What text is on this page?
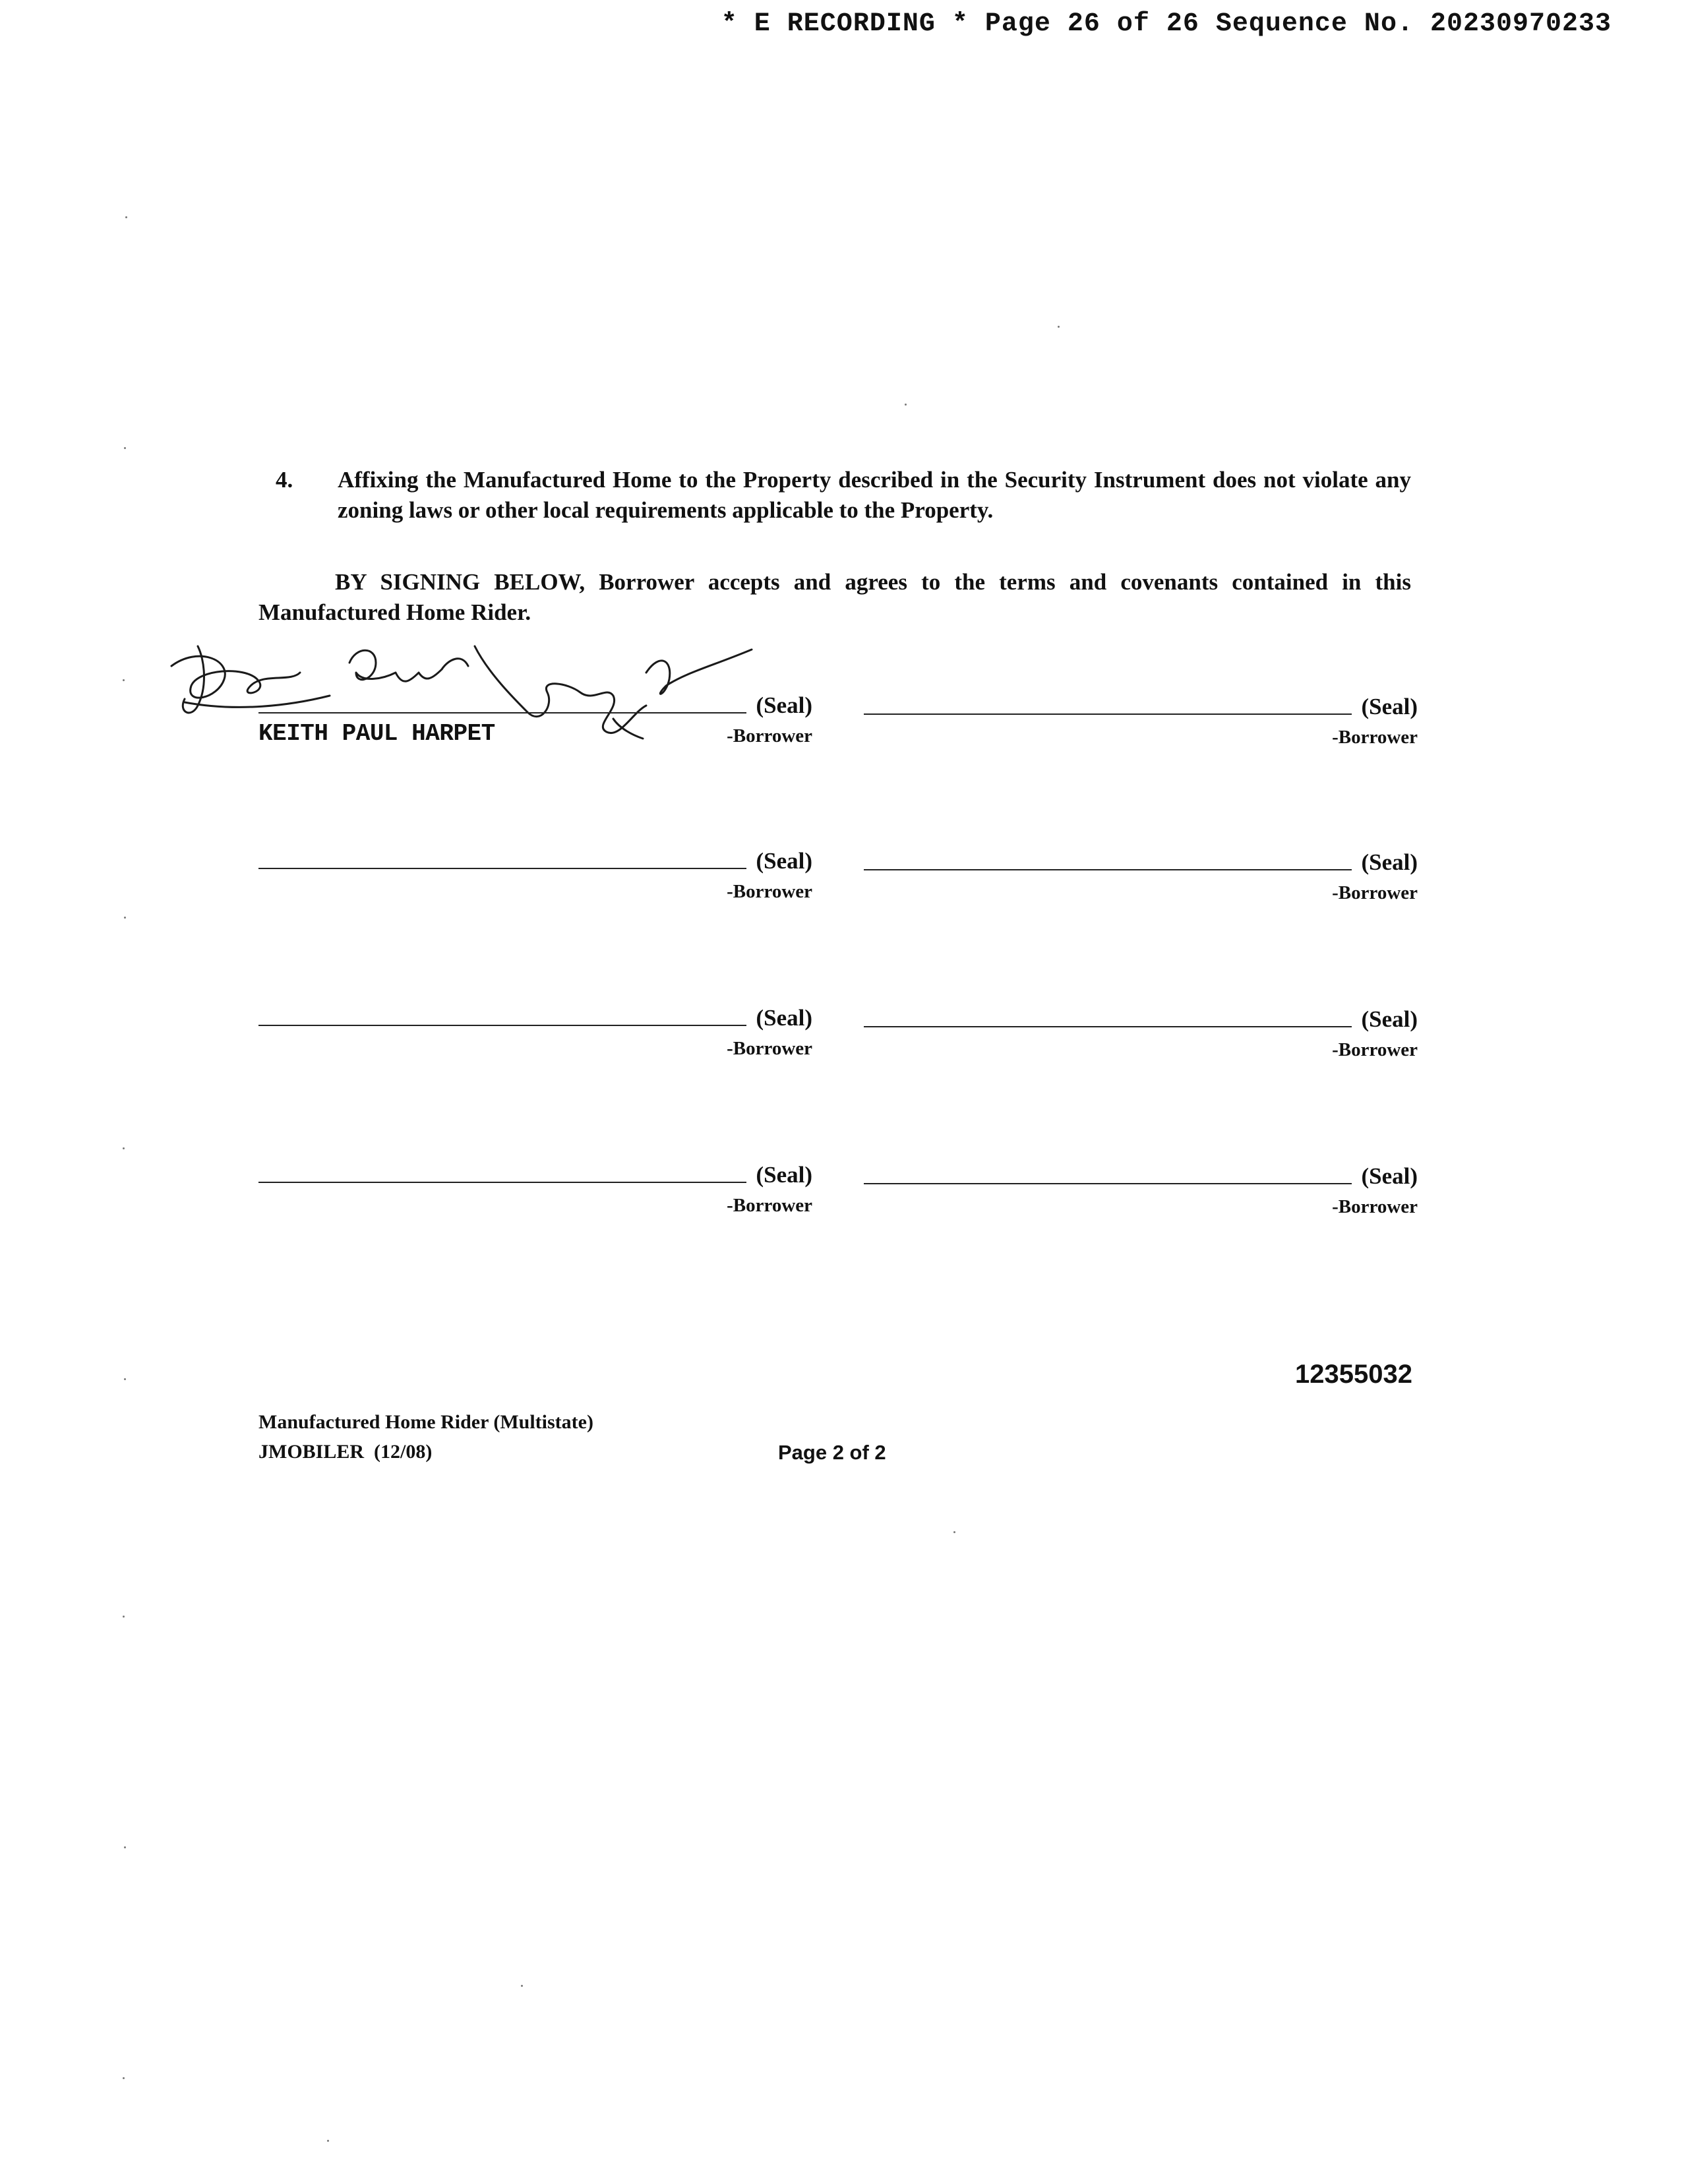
* E RECORDING * Page 26 of 26 Sequence No. 20230970233
4. Affixing the Manufactured Home to the Property described in the Security Instrument does not violate any zoning laws or other local requirements applicable to the Property.
BY SIGNING BELOW, Borrower accepts and agrees to the terms and covenants contained in this Manufactured Home Rider.
(Seal)
-Borrower
KEITH PAUL HARPET
(Seal)
-Borrower
(Seal)
-Borrower
(Seal)
-Borrower
(Seal)
-Borrower
(Seal)
-Borrower
(Seal)
-Borrower
(Seal)
-Borrower
12355032
Manufactured Home Rider (Multistate)
JMOBILER  (12/08)	Page 2 of 2
